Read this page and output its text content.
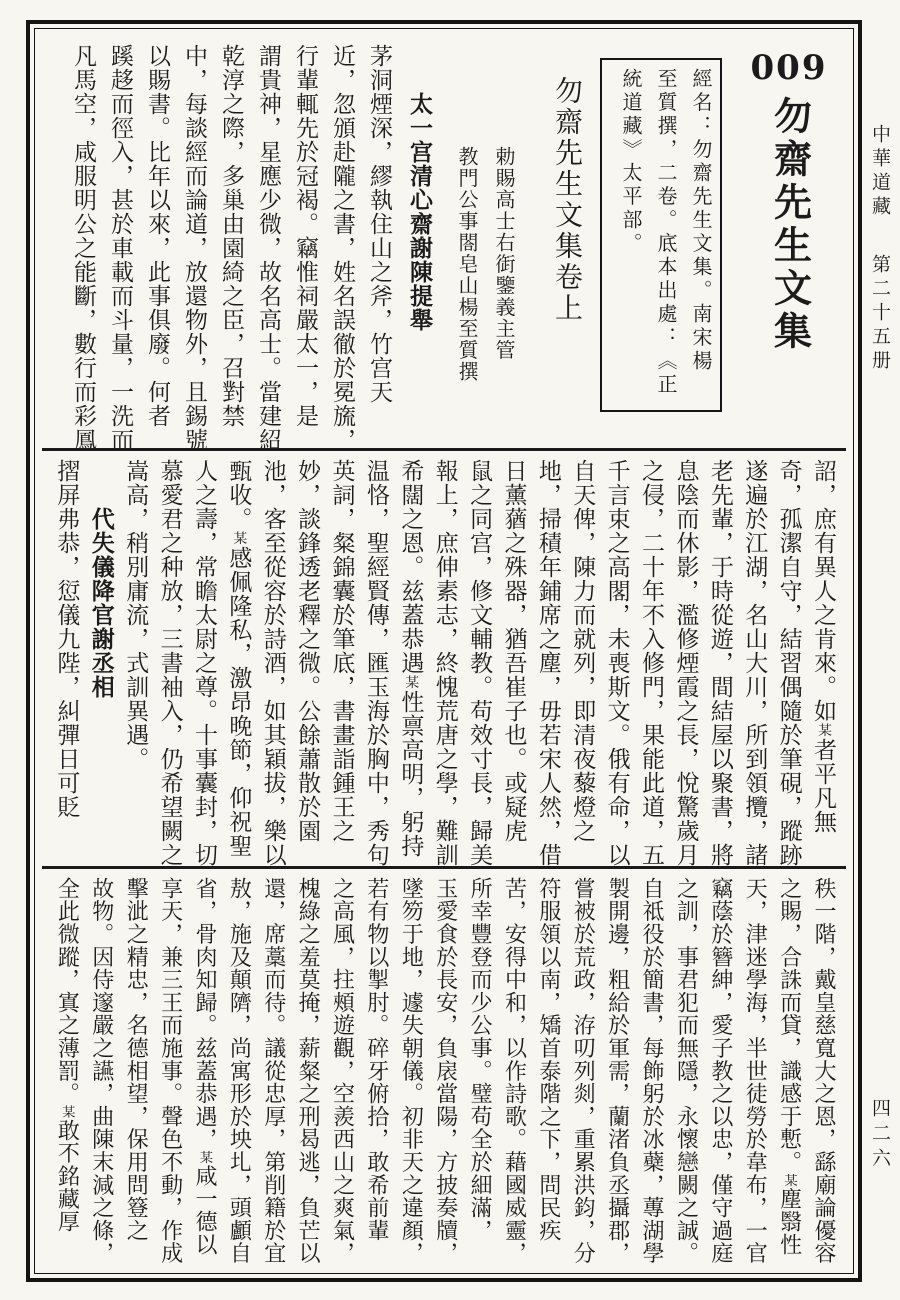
中華道藏
第二十五册
四二六
009
勿齋先生文集
經名：勿齋先生文集。南宋楊
至質撰，二卷。底本出處：《正
統道藏》太平部。
勿齋先生文集卷上
勅賜高士右衘鑒義主管
教門公事閤皂山楊至質撰
太一宫清心齋謝陳提舉
茅洞煙深，繆執住山之斧，竹宫天
近，忽頒赴隴之書，姓名誤徹於冕旒，
行輩輒先於冠褐。竊惟祠嚴太一，是
謂貴神，星應少微，故名高士。當建紹
乾淳之際，多巢由園綺之臣，召對禁
中，每談經而論道，放還物外，且錫號
以賜書。比年以來，此事俱廢。何者
蹊趍而徑入，甚於車載而斗量，一洗而
凡馬空，咸服明公之能斷，數行而彩鳳
詔，庶有異人之肯來。如某者平凡無
奇，孤潔自守，結習偶隨於筆硯，蹤跡
遂遍於江湖，名山大川，所到領攬，諸
老先輩，于時從遊，間結屋以聚書，將
息陰而休影，濫修煙霞之長，悅驚歲月
之侵，二十年不入修門，果能此道，五
千言束之高閣，未喪斯文。俄有命，以
自天俾，陳力而就列，即清夜藜燈之
地，掃積年鋪席之塵，毋若宋人然，借
日薰蕕之殊器，猶吾崔子也。或疑虎
鼠之同宫，修文輔教。苟效寸長，歸美
報上，庶伸素志，終愧荒唐之學，難訓
希闊之恩。兹蓋恭遇某性禀高明，躬持
温恪，聖經賢傳，匯玉海於胸中，秀句
英詞，粲錦囊於筆底，書畫詣鍾王之
妙，談鋒透老釋之微。公餘蕭散於園
池，客至從容於詩酒，如其穎拔，樂以
甄收。某感佩隆私，激昂晚節，仰祝聖
人之壽，常瞻太尉之尊。十事囊封，切
慕愛君之种放，三書袖入，仍希望闕之
嵩高，稍別庸流，式訓異遇。
代失儀降官謝丞相
摺屏弗恭，愆儀九陛，糾彈日可貶
秩一階，戴皇慈寬大之恩，繇廟論優容
之賜，合誅而貸，識感于慙。某塵翳性
天，津迷學海，半世徒勞於韋布，一官
竊蔭於簪紳，愛子教之以忠，僅守過庭
之訓，事君犯而無隱，永懷戀闕之誠。
自祗役於簡書，每飾躬於冰蘗，蓴湖學
製開邊，粗給於軍需，蘭渚負丞攝郡，
嘗被於荒政，洊叨列剡，重累洪鈞，分
符服領以南，矯首泰階之下，問民疾
苦，安得中和，以作詩歌。藉國威靈，
所幸豐登而少公事。璧苟全於細滿，
玉愛食於長安，負扆當陽，方披奏牘，
墜笏于地，遽失朝儀。初非天之違顏，
若有物以掣肘。碎牙俯拾，敢希前輩
之高風，拄頰遊觀，空羨西山之爽氣，
槐綠之羞莫掩，薪粲之刑曷逃，負芒以
還，席藁而待。議從忠厚，第削籍於宜
敖，施及顛隮，尚寓形於坱圠，頭顱自
省，骨肉知歸。兹蓋恭遇，某咸一德以
享天，兼三王而施事。聲色不動，作成
擊泚之精忠，名德相望，保用問簦之
故物。因侍邃嚴之讌，曲陳末減之條，
全此微蹤，寘之薄罰。某敢不銘藏厚
